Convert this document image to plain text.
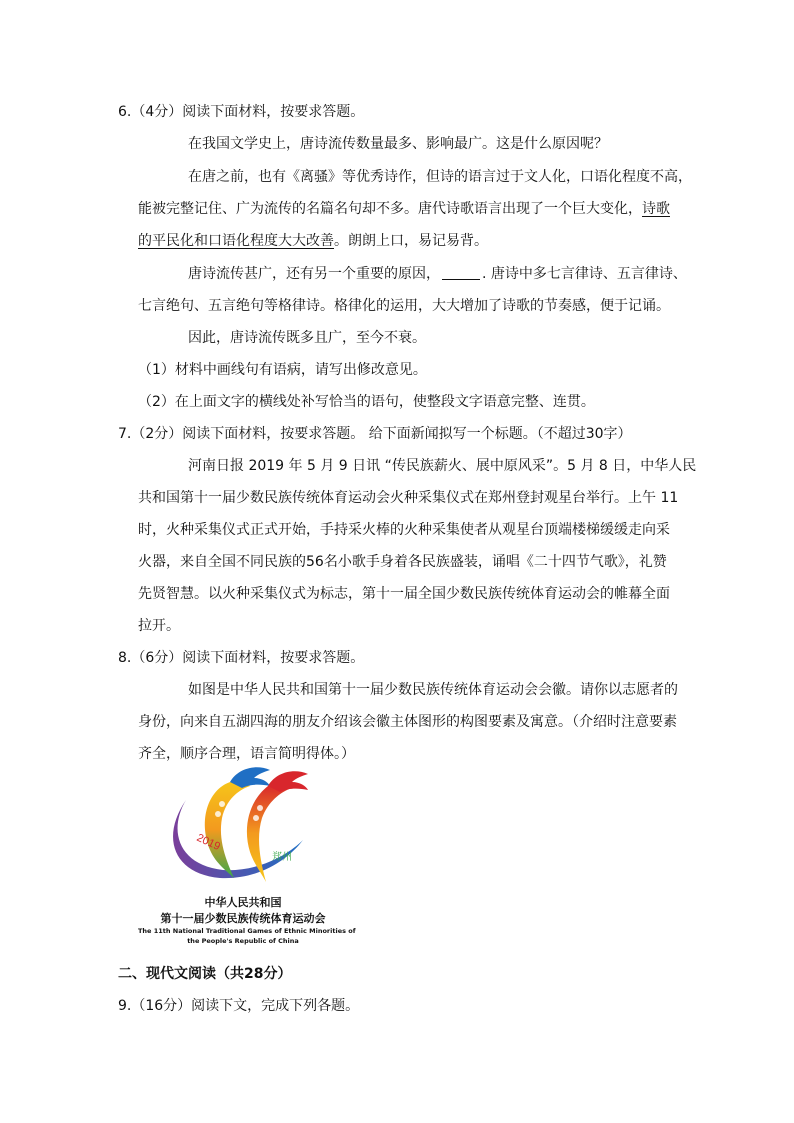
6.（4分）阅读下面材料，按要求答题。
在我国文学史上，唐诗流传数量最多、影响最广。这是什么原因呢？
在唐之前，也有《离骚》等优秀诗作，但诗的语言过于文人化，口语化程度不高，
能被完整记住、广为流传的名篇名句却不多。唐代诗歌语言出现了一个巨大变化，诗歌
的平民化和口语化程度大大改善。朗朗上口，易记易背。
唐诗流传甚广，还有另一个重要的原因，	. 唐诗中多七言律诗、五言律诗、
七言绝句、五言绝句等格律诗。格律化的运用，大大增加了诗歌的节奏感，便于记诵。
因此，唐诗流传既多且广，至今不衰。
（1）材料中画线句有语病，请写出修改意见。
（2）在上面文字的横线处补写恰当的语句，使整段文字语意完整、连贯。
7.（2分）阅读下面材料，按要求答题。 给下面新闻拟写一个标题。（不超过30字）
河南日报 2019 年 5 月 9 日讯 “传民族薪火、展中原风采”。5 月 8 日，中华人民
共和国第十一届少数民族传统体育运动会火种采集仪式在郑州登封观星台举行。上午 11
时，火种采集仪式正式开始，手持采火棒的火种采集使者从观星台顶端楼梯缓缓走向采
火器，来自全国不同民族的56名小歌手身着各民族盛装，诵唱《二十四节气歌》，礼赞
先贤智慧。以火种采集仪式为标志，第十一届全国少数民族传统体育运动会的帷幕全面
拉开。
8.（6分）阅读下面材料，按要求答题。
如图是中华人民共和国第十一届少数民族传统体育运动会会徽。请你以志愿者的
身份，向来自五湖四海的朋友介绍该会徽主体图形的构图要素及寓意。（介绍时注意要素
齐全，顺序合理，语言简明得体。）
2019
郑州
中华人民共和国
第十一届少数民族传统体育运动会
The 11th National Traditional Games of Ethnic Minorities of
the People's Republic of China
二、现代文阅读（共28分）
9.（16分）阅读下文，完成下列各题。
